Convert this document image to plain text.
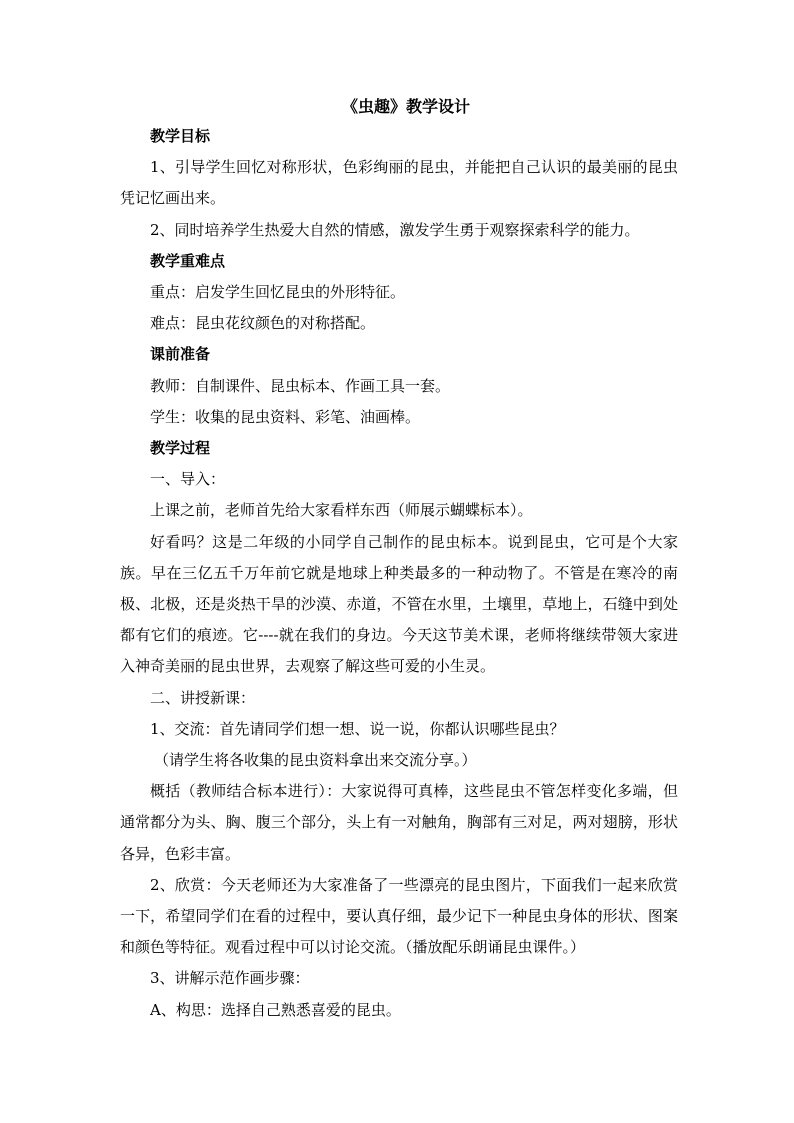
《虫趣》教学设计
教学目标
1、引导学生回忆对称形状，色彩绚丽的昆虫，并能把自己认识的最美丽的昆虫凭记忆画出来。
2、同时培养学生热爱大自然的情感，激发学生勇于观察探索科学的能力。
教学重难点
重点：启发学生回忆昆虫的外形特征。
难点：昆虫花纹颜色的对称搭配。
课前准备
教师：自制课件、昆虫标本、作画工具一套。
学生：收集的昆虫资料、彩笔、油画棒。
教学过程
一、导入：
上课之前，老师首先给大家看样东西（师展示蝴蝶标本）。
好看吗？这是二年级的小同学自己制作的昆虫标本。说到昆虫，它可是个大家族。早在三亿五千万年前它就是地球上种类最多的一种动物了。不管是在寒冷的南极、北极，还是炎热干旱的沙漠、赤道，不管在水里，土壤里，草地上，石缝中到处都有它们的痕迹。它----就在我们的身边。今天这节美术课，老师将继续带领大家进入神奇美丽的昆虫世界，去观察了解这些可爱的小生灵。
二、讲授新课：
1、交流：首先请同学们想一想、说一说，你都认识哪些昆虫？
（请学生将各收集的昆虫资料拿出来交流分享。）
概括（教师结合标本进行）：大家说得可真棒，这些昆虫不管怎样变化多端，但通常都分为头、胸、腹三个部分，头上有一对触角，胸部有三对足，两对翅膀，形状各异，色彩丰富。
2、欣赏：今天老师还为大家准备了一些漂亮的昆虫图片，下面我们一起来欣赏一下，希望同学们在看的过程中，要认真仔细，最少记下一种昆虫身体的形状、图案和颜色等特征。观看过程中可以讨论交流。（播放配乐朗诵昆虫课件。）
3、讲解示范作画步骤：
A、构思：选择自己熟悉喜爱的昆虫。
